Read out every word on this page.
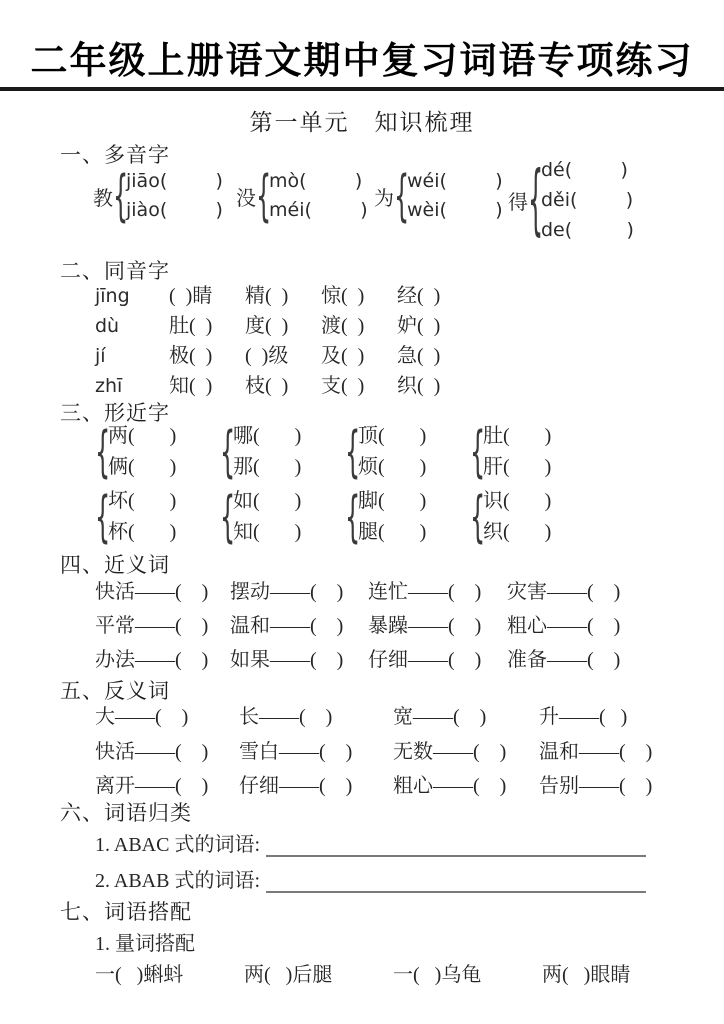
二年级上册语文期中复习词语专项练习
第一单元　知识梳理
一、多音字
教 {
jiāo(        )
jiào(        )
没 {
mò(        )
méi(        )
为 {
wéi(        )
wèi(        ) 得 {
dé(        )
děi(        )
de(         )
二、同音字
jīng (  )睛 精(  ) 惊(  ) 经(  )
dù 肚(  ) 度(  ) 渡(  ) 妒(  )
jí	极(  ) (  )级 及(  ) 急(  )
zhī 知(  ) 枝(  ) 支(  ) 织(  )
三、形近字
{
两(       )
俩(       ) {
哪(       )
那(       ) {
顶(       )
烦(       ) {
肚(       )
肝(       )
{
坏(       )
杯(       ) {
如(       )
知(       ) {
脚(       )
腿(       ) {
识(       )
织(       )
四、近义词
快活——(    ) 摆动——(    ) 连忙——(    ) 灾害——(    )
平常——(    ) 温和——(    ) 暴躁——(    ) 粗心——(    )
办法——(    ) 如果——(    ) 仔细——(    ) 准备——(    )
五、反义词
大——(    )	长——(    )	宽——(    )	升——(   )
快活——(    ) 雪白——(    ) 无数——(    ) 温和——(    )
离开——(    ) 仔细——(    ) 粗心——(    ) 告别——(    )
六、词语归类
1. ABAC 式的词语:
2. ABAB 式的词语:
七、词语搭配
1. 量词搭配
一(   )蝌蚪	两(   )后腿	一(   )乌龟	两(   )眼睛
